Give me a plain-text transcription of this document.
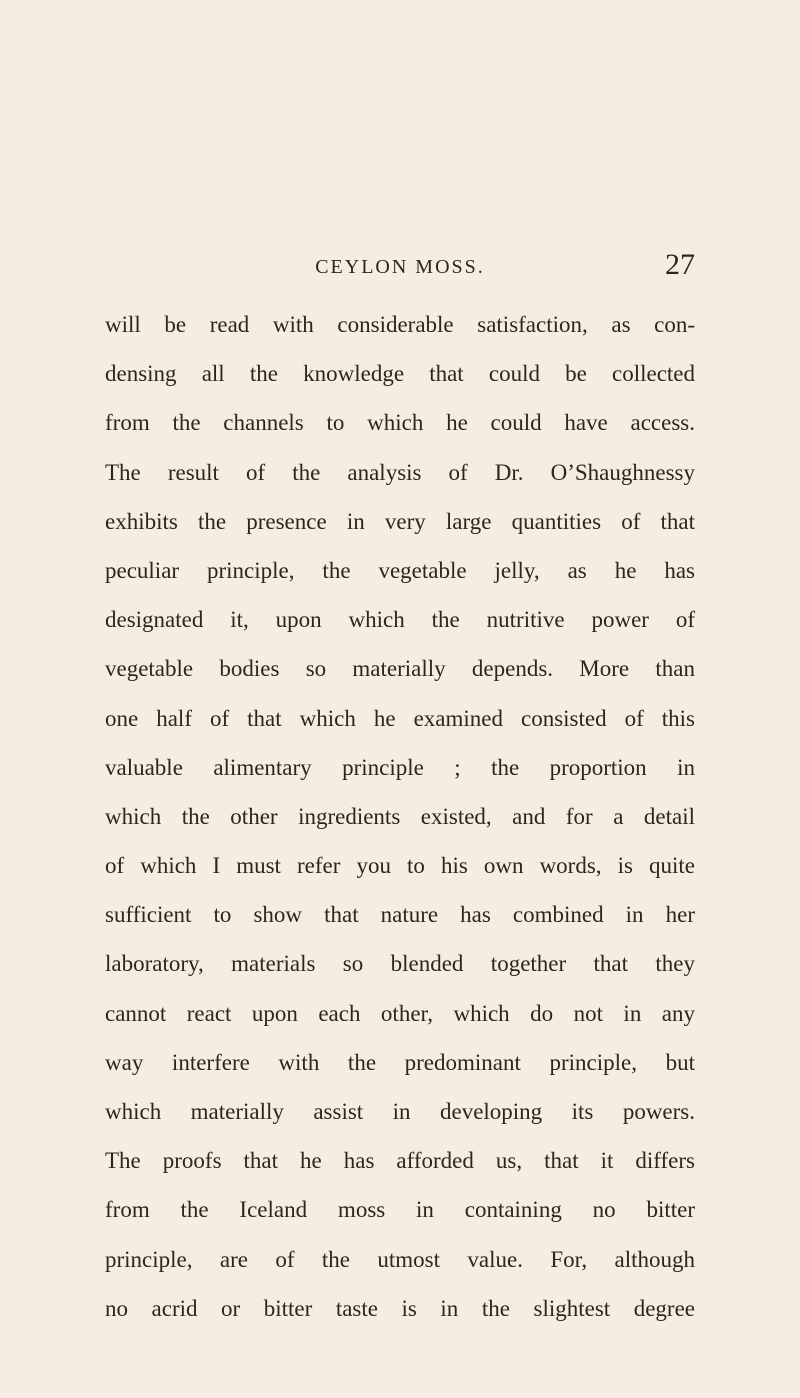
CEYLON MOSS.	27
will be read with considerable satisfaction, as con-
densing all the knowledge that could be collected
from the channels to which he could have access.
The result of the analysis of Dr. O’Shaughnessy
exhibits the presence in very large quantities of that
peculiar principle, the vegetable jelly, as he has
designated it, upon which the nutritive power of
vegetable bodies so materially depends. More than
one half of that which he examined consisted of this
valuable alimentary principle ; the proportion in
which the other ingredients existed, and for a detail
of which I must refer you to his own words, is quite
sufficient to show that nature has combined in her
laboratory, materials so blended together that they
cannot react upon each other, which do not in any
way interfere with the predominant principle, but
which materially assist in developing its powers.
The proofs that he has afforded us, that it differs
from the Iceland moss in containing no bitter
principle, are of the utmost value. For, although
no acrid or bitter taste is in the slightest degree
